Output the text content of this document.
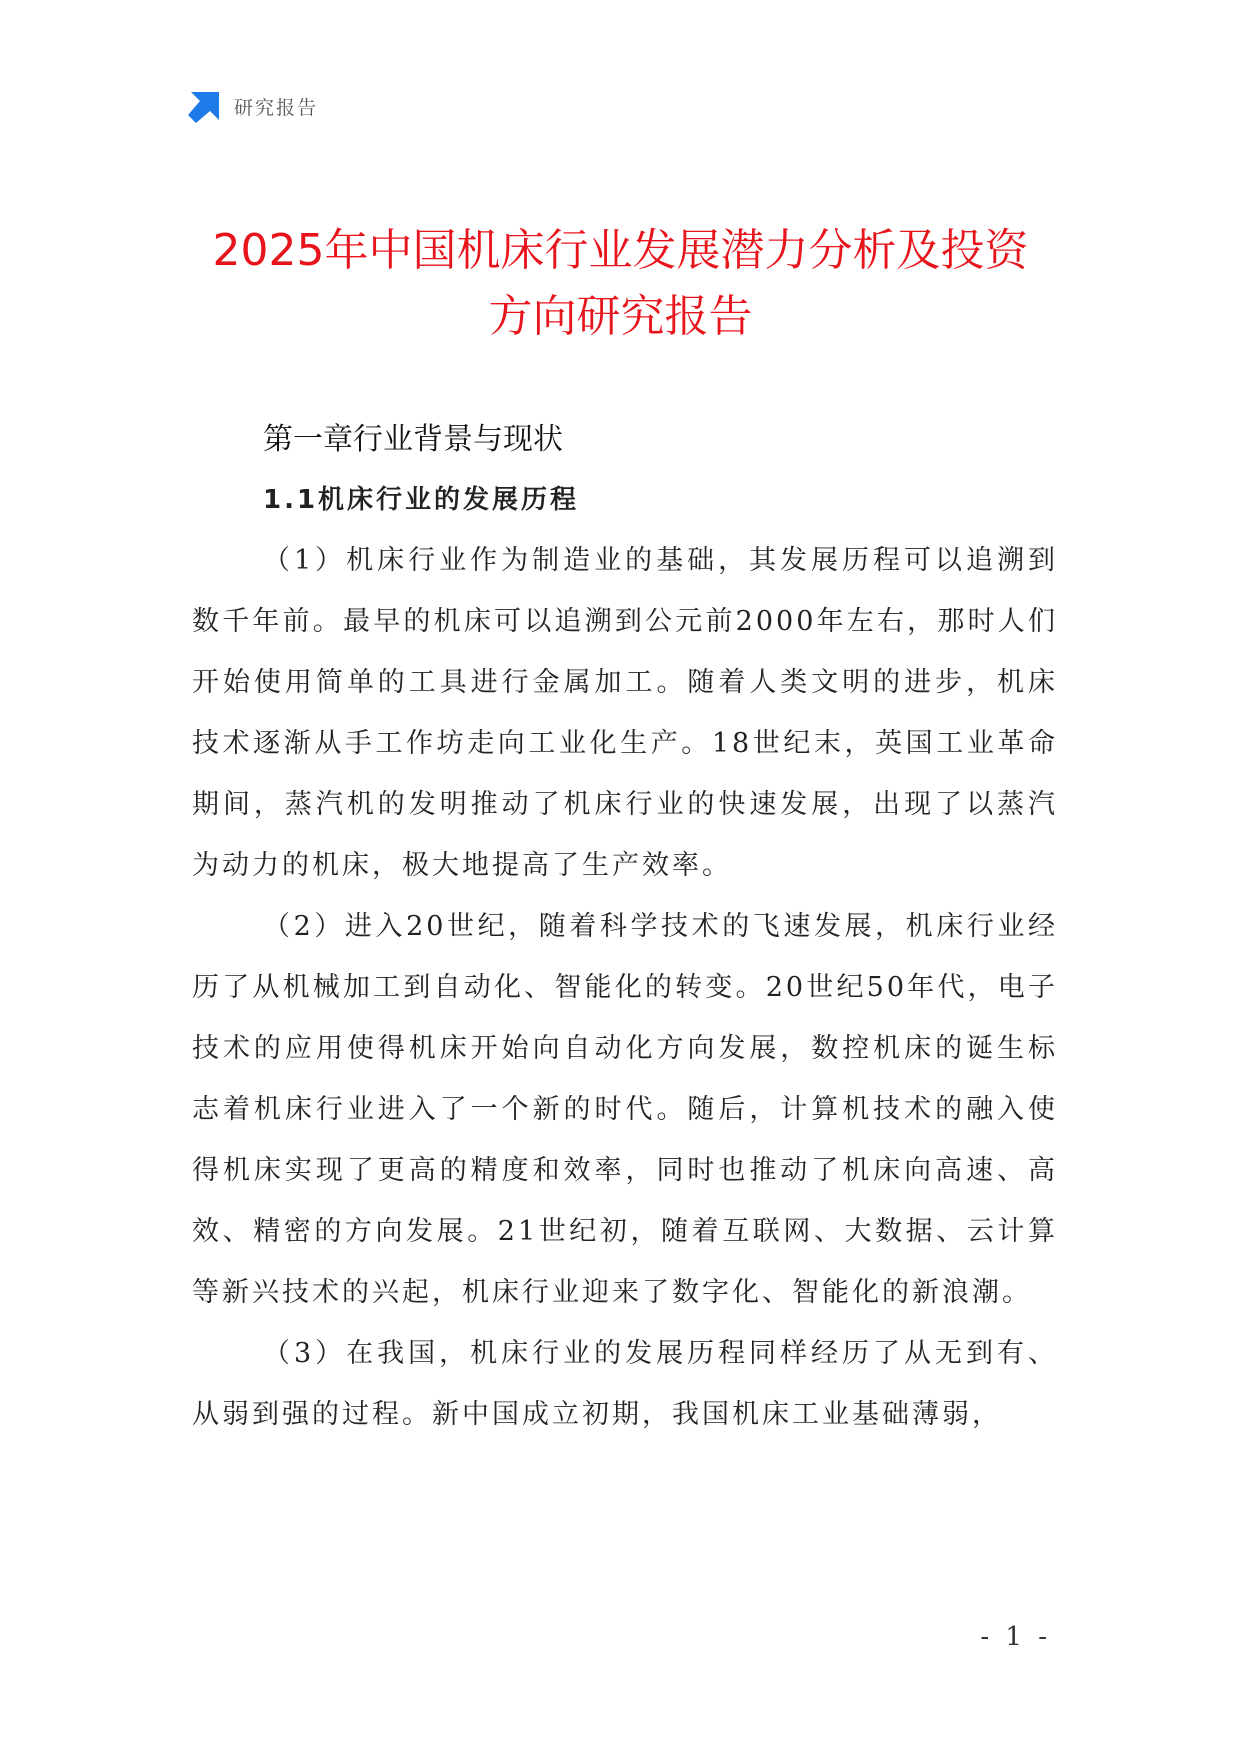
研究报告
2025年中国机床行业发展潜力分析及投资
方向研究报告
第一章行业背景与现状
1.1机床行业的发展历程

（1）机床行业作为制造业的基础，其发展历程可以追溯到数千年前。最早的机床可以追溯到公元前2000年左右，那时人们开始使用简单的工具进行金属加工。随着人类文明的进步，机床技术逐渐从手工作坊走向工业化生产。18世纪末，英国工业革命期间，蒸汽机的发明推动了机床行业的快速发展，出现了以蒸汽为动力的机床，极大地提高了生产效率。

（2）进入20世纪，随着科学技术的飞速发展，机床行业经历了从机械加工到自动化、智能化的转变。20世纪50年代，电子技术的应用使得机床开始向自动化方向发展，数控机床的诞生标志着机床行业进入了一个新的时代。随后，计算机技术的融入使得机床实现了更高的精度和效率，同时也推动了机床向高速、高效、精密的方向发展。21世纪初，随着互联网、大数据、云计算等新兴技术的兴起，机床行业迎来了数字化、智能化的新浪潮。

（3）在我国，机床行业的发展历程同样经历了从无到有、从弱到强的过程。新中国成立初期，我国机床工业基础薄弱，

- 1 -
